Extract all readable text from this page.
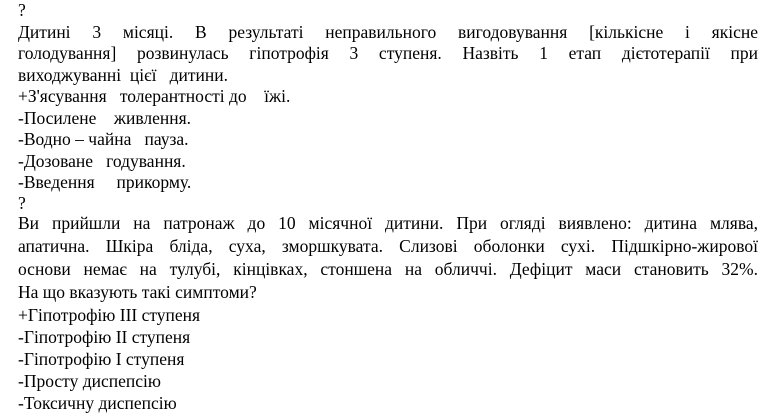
?
Дитині 3 місяці. В результаті неправильного вигодовування [кількісне і якісне
голодування] розвинулась гіпотрофія 3 ступеня. Назвіть 1 етап дієтотерапії при
виходжуванні  цієї   дитини.
+З'ясування   толерантності до    їжі.
-Посилене    живлення.
-Водно – чайна   пауза.
-Дозоване   годування.
-Введення     прикорму.
?
Ви прийшли на патронаж до 10 місячної дитини. При огляді виявлено: дитина млява,
апатична. Шкіра бліда, суха, зморшкувата. Слизові оболонки сухі. Підшкірно-жирової
основи немає на тулубі, кінцівках, стоншена на обличчі. Дефіцит маси становить 32%.
На що вказують такі симптоми?
+Гіпотрофію III ступеня
-Гіпотрофію II ступеня
-Гіпотрофію I ступеня
-Просту диспепсію
-Токсичну диспепсію
